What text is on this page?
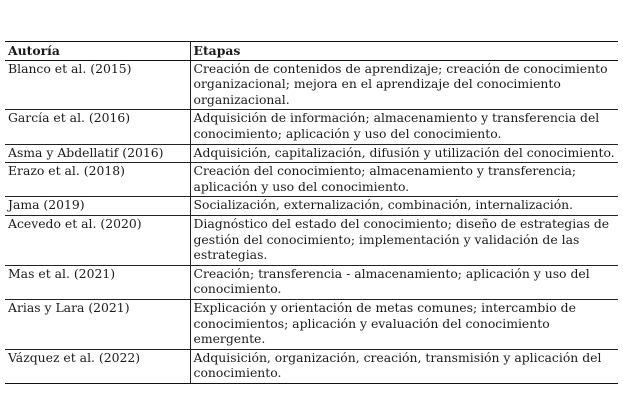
Autoría	Etapas
Blanco et al. (2015)	Creación de contenidos de aprendizaje; creación de conocimiento organizacional; mejora en el aprendizaje del conocimiento organizacional.
García et al. (2016)	Adquisición de información; almacenamiento y transferencia del conocimiento; aplicación y uso del conocimiento.
Asma y Abdellatif (2016)	Adquisición, capitalización, difusión y utilización del conocimiento.
Erazo et al. (2018)	Creación del conocimiento; almacenamiento y transferencia; aplicación y uso del conocimiento.
Jama (2019)	Socialización, externalización, combinación, internalización.
Acevedo et al. (2020)	Diagnóstico del estado del conocimiento; diseño de estrategias de gestión del conocimiento; implementación y validación de las estrategias.
Mas et al. (2021)	Creación; transferencia - almacenamiento; aplicación y uso del conocimiento.
Arias y Lara (2021)	Explicación y orientación de metas comunes; intercambio de conocimientos; aplicación y evaluación del conocimiento emergente.
Vázquez et al. (2022)	Adquisición, organización, creación, transmisión y aplicación del conocimiento.
